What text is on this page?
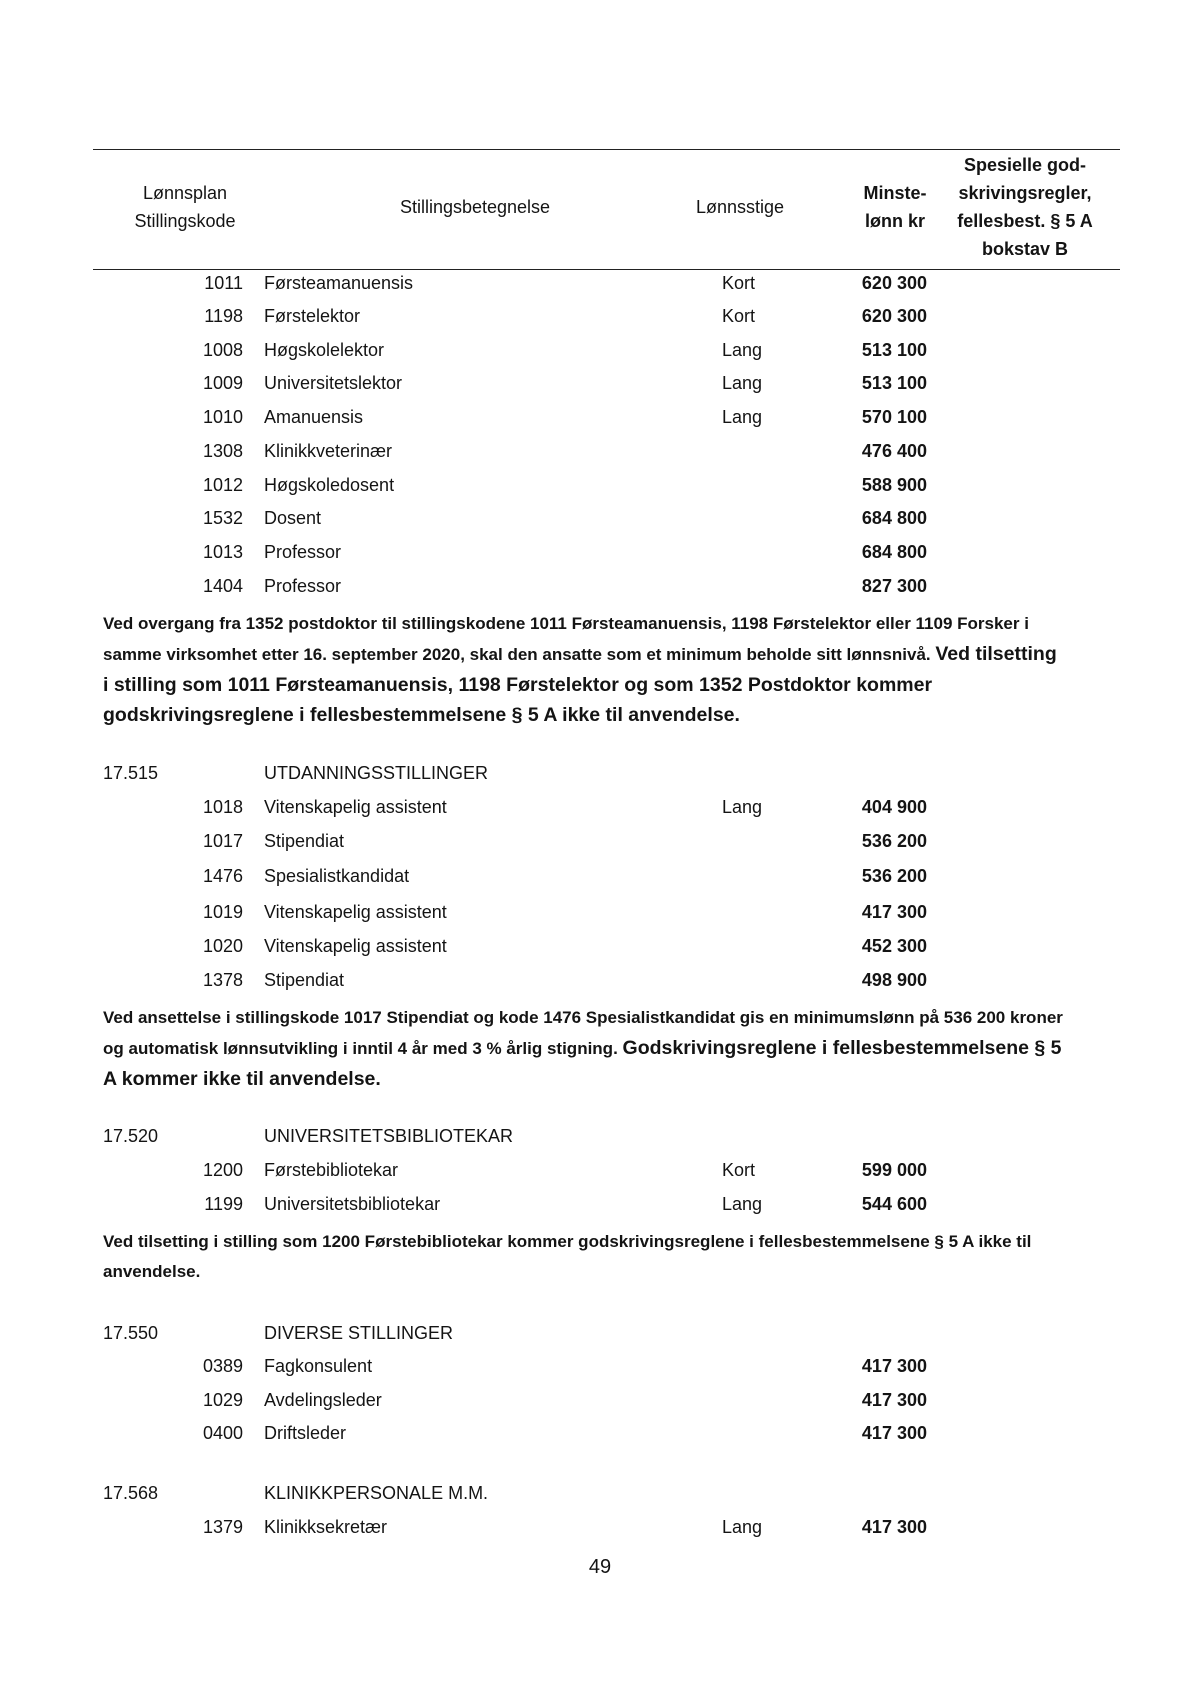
Lønnsplan
Stillingskode
Stillingsbetegnelse	Lønnsstige
Minste-
lønn kr
Spesielle god-
skrivingsregler,
fellesbest. § 5 A
bokstav B
1011 Førsteamanuensis	Kort	620 300
1198 Førstelektor	Kort	620 300
1008 Høgskolelektor	Lang	513 100
1009 Universitetslektor	Lang	513 100
1010 Amanuensis	Lang	570 100
1308 Klinikkveterinær	476 400
1012 Høgskoledosent	588 900
1532 Dosent	684 800
1013 Professor	684 800
1404 Professor	827 300
Ved overgang fra 1352 postdoktor til stillingskodene 1011 Førsteamanuensis, 1198 Førstelektor eller 1109 Forsker i
samme virksomhet etter 16. september 2020, skal den ansatte som et minimum beholde sitt lønnsnivå. Ved tilsetting
i stilling som 1011 Førsteamanuensis, 1198 Førstelektor og som 1352 Postdoktor kommer
godskrivingsreglene i fellesbestemmelsene § 5 A ikke til anvendelse.
17.515	UTDANNINGSSTILLINGER
1018 Vitenskapelig assistent	Lang	404 900
1017 Stipendiat	536 200
1476 Spesialistkandidat	536 200
1019 Vitenskapelig assistent	417 300
1020 Vitenskapelig assistent	452 300
1378 Stipendiat	498 900
Ved ansettelse i stillingskode 1017 Stipendiat og kode 1476 Spesialistkandidat gis en minimumslønn på 536 200 kroner
og automatisk lønnsutvikling i inntil 4 år med 3 % årlig stigning. Godskrivingsreglene i fellesbestemmelsene § 5
A kommer ikke til anvendelse.
17.520	UNIVERSITETSBIBLIOTEKAR
1200 Førstebibliotekar	Kort	599 000
1199 Universitetsbibliotekar	Lang	544 600
Ved tilsetting i stilling som 1200 Førstebibliotekar kommer godskrivingsreglene i fellesbestemmelsene § 5 A ikke til
anvendelse.
17.550	DIVERSE STILLINGER
0389 Fagkonsulent	417 300
1029 Avdelingsleder	417 300
0400 Driftsleder	417 300
17.568	KLINIKKPERSONALE M.M.
1379 Klinikksekretær	Lang	417 300
49
